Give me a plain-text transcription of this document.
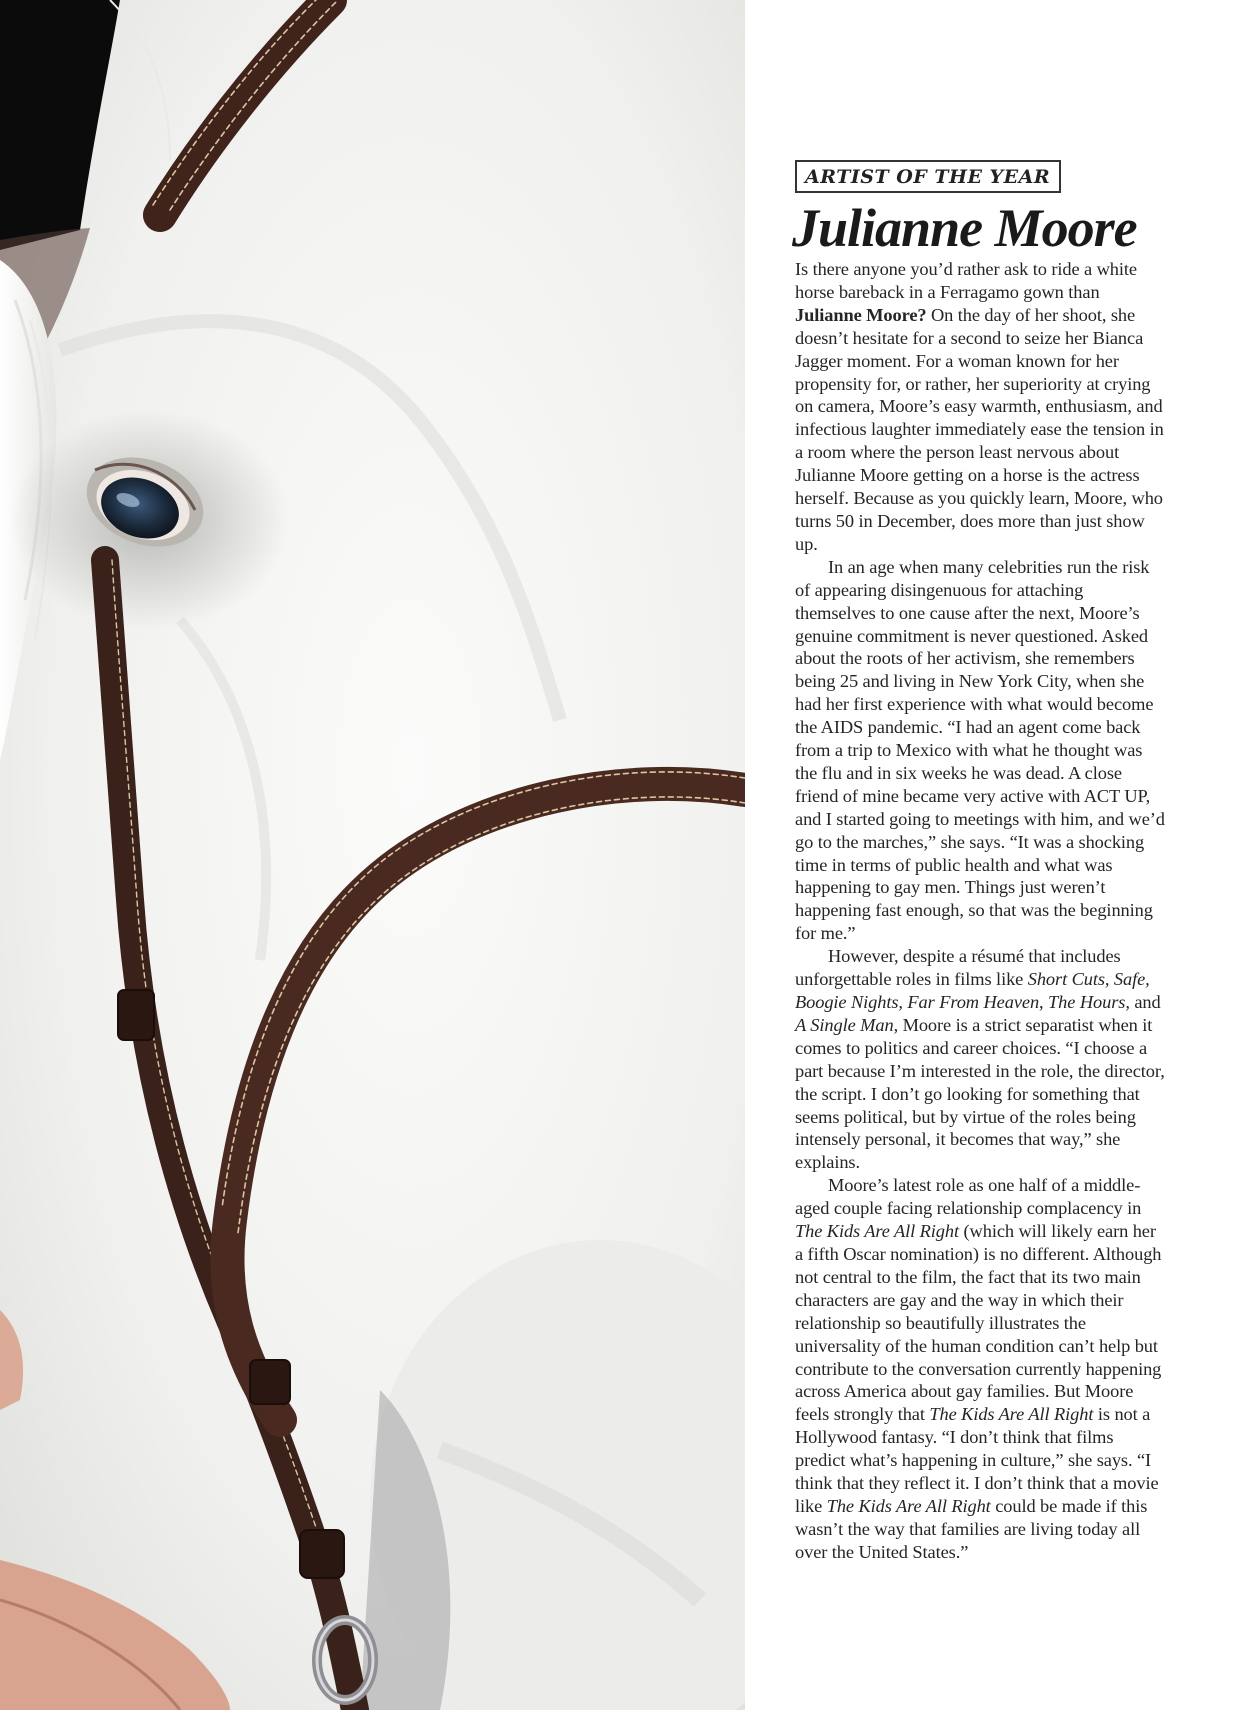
ARTIST OF THE YEAR
Julianne Moore

Is there anyone you’d rather ask to ride a white horse bareback in a Ferragamo gown than Julianne Moore? On the day of her shoot, she doesn’t hesitate for a second to seize her Bianca Jagger moment. For a woman known for her propensity for, or rather, her superiority at crying on camera, Moore’s easy warmth, enthusiasm, and infectious laughter immediately ease the tension in a room where the person least nervous about Julianne Moore getting on a horse is the actress herself. Because as you quickly learn, Moore, who turns 50 in December, does more than just show up.

In an age when many celebrities run the risk of appearing disingenuous for attaching themselves to one cause after the next, Moore’s genuine commitment is never questioned. Asked about the roots of her activism, she remembers being 25 and living in New York City, when she had her first experience with what would become the AIDS pandemic. “I had an agent come back from a trip to Mexico with what he thought was the flu and in six weeks he was dead. A close friend of mine became very active with ACT UP, and I started going to meetings with him, and we’d go to the marches,” she says. “It was a shocking time in terms of public health and what was happening to gay men. Things just weren’t happening fast enough, so that was the beginning for me.”

However, despite a résumé that includes unforgettable roles in films like Short Cuts, Safe, Boogie Nights, Far From Heaven, The Hours, and A Single Man, Moore is a strict separatist when it comes to politics and career choices. “I choose a part because I’m interested in the role, the director, the script. I don’t go looking for something that seems political, but by virtue of the roles being intensely personal, it becomes that way,” she explains.

Moore’s latest role as one half of a middle-aged couple facing relationship complacency in The Kids Are All Right (which will likely earn her a fifth Oscar nomination) is no different. Although not central to the film, the fact that its two main characters are gay and the way in which their relationship so beautifully illustrates the universality of the human condition can’t help but contribute to the conversation currently happening across America about gay families. But Moore feels strongly that The Kids Are All Right is not a Hollywood fantasy. “I don’t think that films predict what’s happening in culture,” she says. “I think that they reflect it. I don’t think that a movie like The Kids Are All Right could be made if this wasn’t the way that families are living today all over the United States.”
